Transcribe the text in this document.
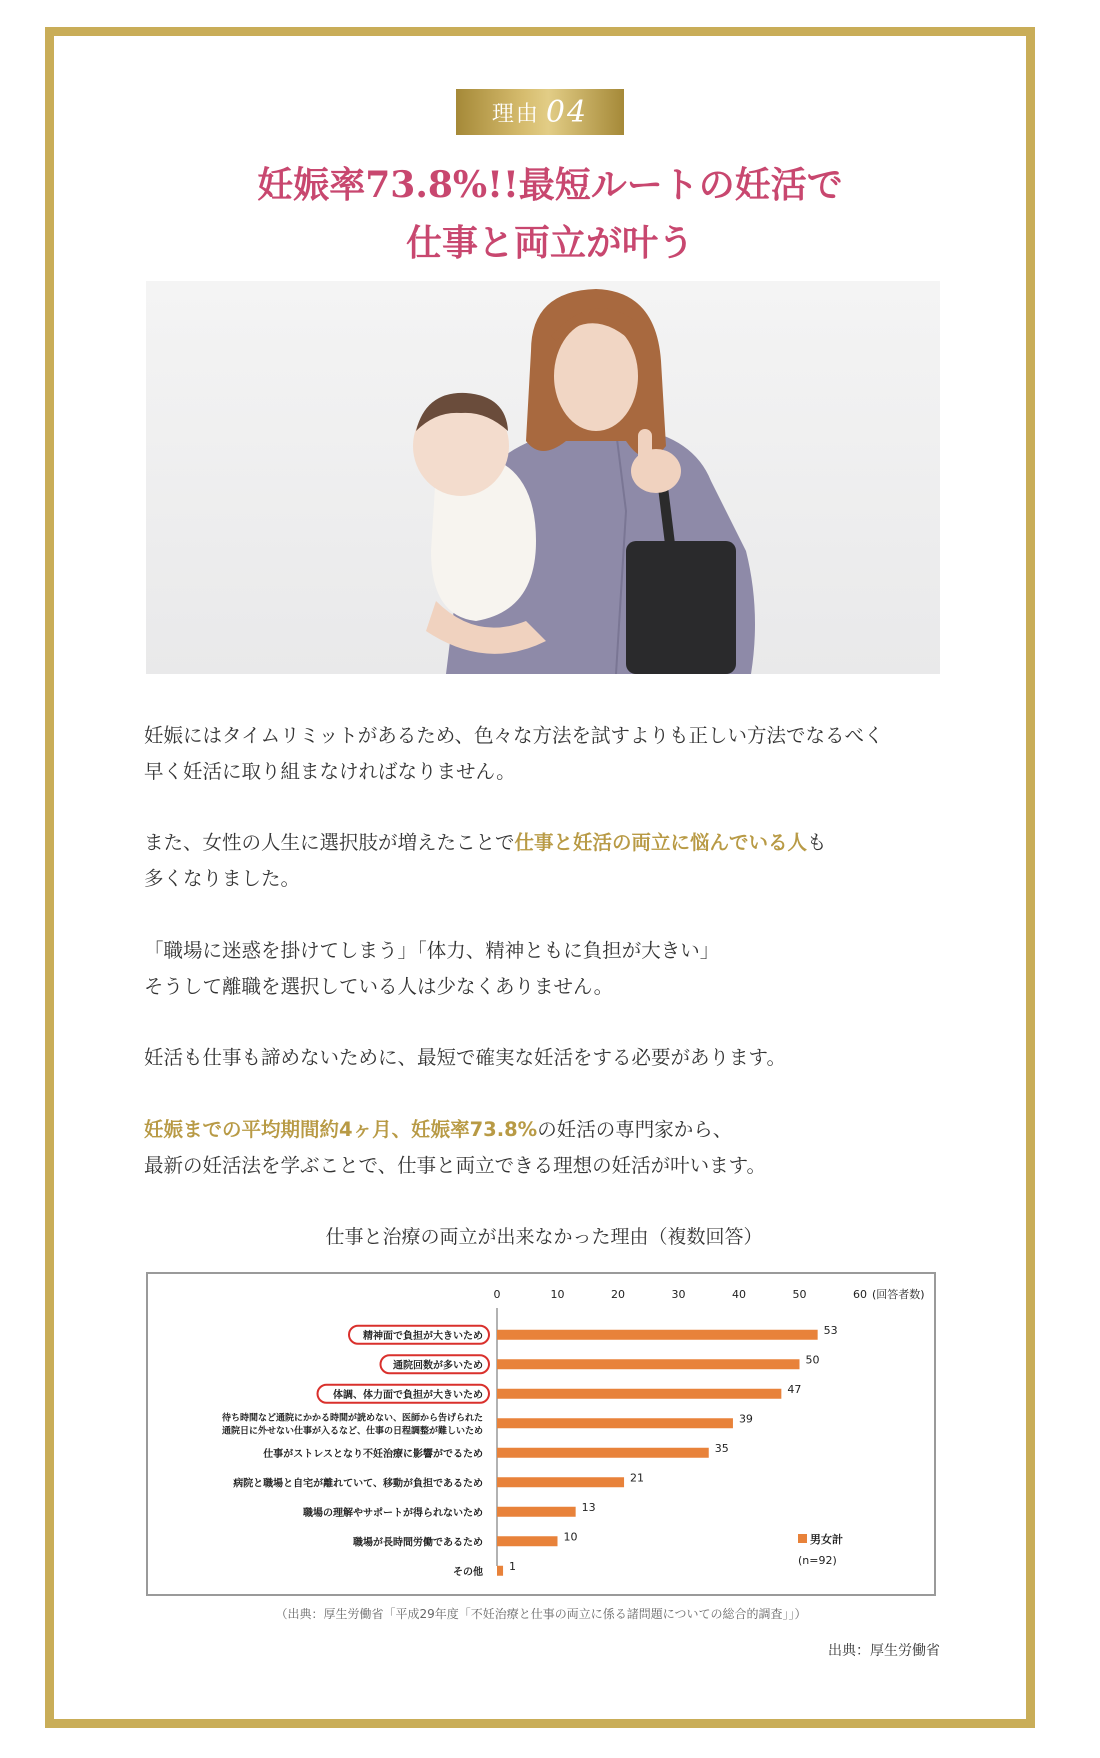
理由 04
妊娠率73.8%!!最短ルートの妊活で
仕事と両立が叶う
妊娠にはタイムリミットがあるため、色々な方法を試すよりも正しい方法でなるべく
早く妊活に取り組まなければなりません。
また、女性の人生に選択肢が増えたことで仕事と妊活の両立に悩んでいる人も
多くなりました。
「職場に迷惑を掛けてしまう」「体力、精神ともに負担が大きい」
そうして離職を選択している人は少なくありません。
妊活も仕事も諦めないために、最短で確実な妊活をする必要があります。
妊娠までの平均期間約4ヶ月、妊娠率73.8%の妊活の専門家から、
最新の妊活法を学ぶことで、仕事と両立できる理想の妊活が叶います。
仕事と治療の両立が出来なかった理由（複数回答）
0	10	20	30	40	50	60 (回答者数)
精神面で負担が大きいため	53
通院回数が多いため	50
体調、体力面で負担が大きいため	47
待ち時間など通院にかかる時間が読めない、医師から告げられた
通院日に外せない仕事が入るなど、仕事の日程調整が難しいため
39
仕事がストレスとなり不妊治療に影響がでるため	35
病院と職場と自宅が離れていて、移動が負担であるため	21
職場の理解やサポートが得られないため	13
職場が長時間労働であるため	10
その他 1
男女計
(n=92)
（出典：厚生労働省「平成29年度「不妊治療と仕事の両立に係る諸問題についての総合的調査」」）
出典：厚生労働省
